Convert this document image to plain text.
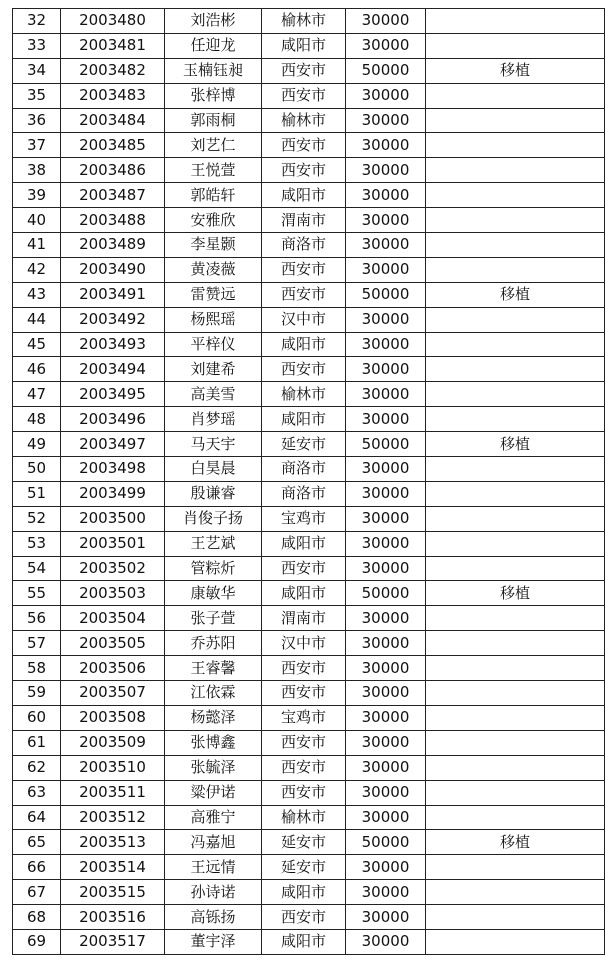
32	2003480	刘浩彬	榆林市	30000	
33	2003481	任迎龙	咸阳市	30000	
34	2003482	玉楠钰昶	西安市	50000	移植
35	2003483	张梓博	西安市	30000	
36	2003484	郭雨桐	榆林市	30000	
37	2003485	刘艺仁	西安市	30000	
38	2003486	王悦萱	西安市	30000	
39	2003487	郭皓轩	咸阳市	30000	
40	2003488	安雅欣	渭南市	30000	
41	2003489	李星颢	商洛市	30000	
42	2003490	黄凌薇	西安市	30000	
43	2003491	雷赞远	西安市	50000	移植
44	2003492	杨熙瑶	汉中市	30000	
45	2003493	平梓仪	咸阳市	30000	
46	2003494	刘建希	西安市	30000	
47	2003495	高美雪	榆林市	30000	
48	2003496	肖梦瑶	咸阳市	30000	
49	2003497	马天宇	延安市	50000	移植
50	2003498	白昊晨	商洛市	30000	
51	2003499	殷谦睿	商洛市	30000	
52	2003500	肖俊子扬	宝鸡市	30000	
53	2003501	王艺斌	咸阳市	30000	
54	2003502	管粽炘	西安市	30000	
55	2003503	康敏华	咸阳市	50000	移植
56	2003504	张子萱	渭南市	30000	
57	2003505	乔苏阳	汉中市	30000	
58	2003506	王睿馨	西安市	30000	
59	2003507	江依霖	西安市	30000	
60	2003508	杨懿泽	宝鸡市	30000	
61	2003509	张博鑫	西安市	30000	
62	2003510	张毓泽	西安市	30000	
63	2003511	粱伊诺	西安市	30000	
64	2003512	高雅宁	榆林市	30000	
65	2003513	冯嘉旭	延安市	50000	移植
66	2003514	王远情	延安市	30000	
67	2003515	孙诗诺	咸阳市	30000	
68	2003516	高铄扬	西安市	30000	
69	2003517	董宇泽	咸阳市	30000	
